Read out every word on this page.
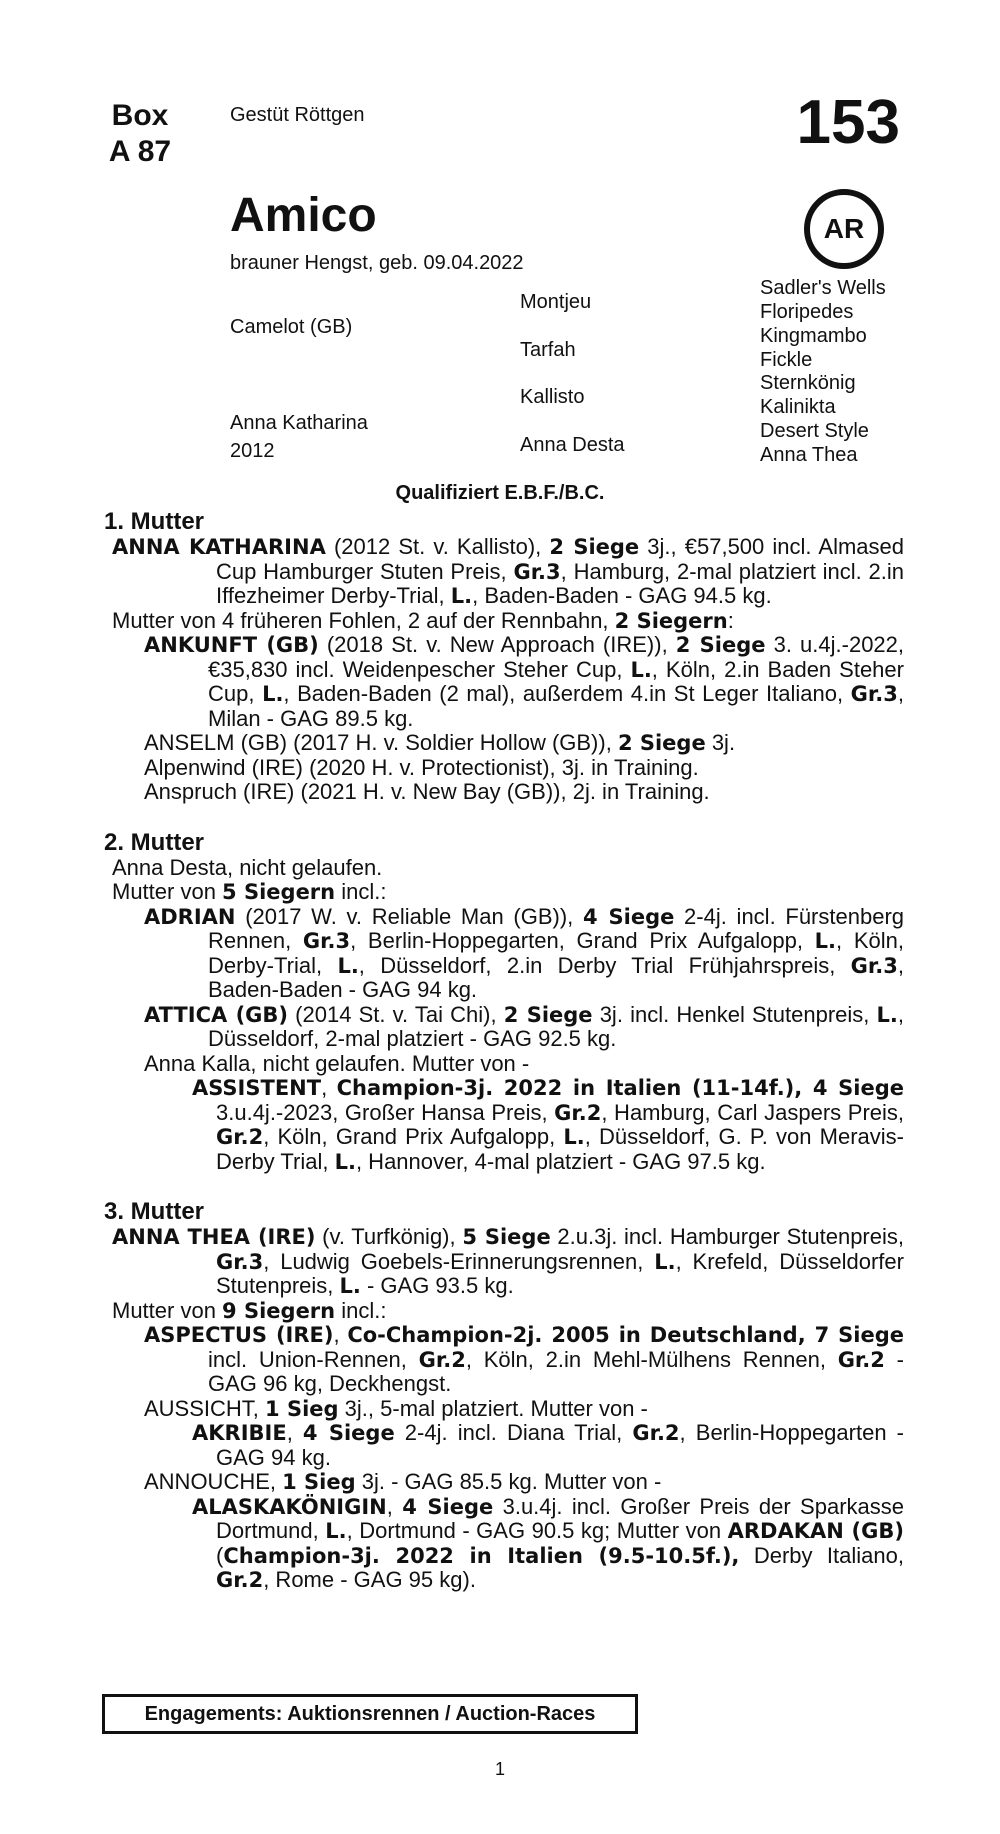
Box
A 87
Gestüt Röttgen	153
AR
Amico
brauner Hengst, geb. 09.04.2022
Camelot (GB)
Anna Katharina
2012
Montjeu
Tarfah
Kallisto
Anna Desta
Sadler's Wells
Floripedes
Kingmambo
Fickle
Sternkönig
Kalinikta
Desert Style
Anna Thea
Qualifiziert E.B.F./B.C.
1. Mutter
ANNA KATHARINA (2012 St. v. Kallisto), 2 Siege 3j., €57,500 incl. Almased Cup Hamburger Stuten Preis, Gr.3, Hamburg, 2-mal platziert incl. 2.in Iffezheimer Derby-Trial, L., Baden-Baden - GAG 94.5 kg.
Mutter von 4 früheren Fohlen, 2 auf der Rennbahn, 2 Siegern:
ANKUNFT (GB) (2018 St. v. New Approach (IRE)), 2 Siege 3. u.4j.-2022, €35,830 incl. Weidenpescher Steher Cup, L., Köln, 2.in Baden Steher Cup, L., Baden-Baden (2 mal), außerdem 4.in St Leger Italiano, Gr.3, Milan - GAG 89.5 kg.
ANSELM (GB) (2017 H. v. Soldier Hollow (GB)), 2 Siege 3j.
Alpenwind (IRE) (2020 H. v. Protectionist), 3j. in Training.
Anspruch (IRE) (2021 H. v. New Bay (GB)), 2j. in Training.
2. Mutter
Anna Desta, nicht gelaufen.
Mutter von 5 Siegern incl.:
ADRIAN (2017 W. v. Reliable Man (GB)), 4 Siege 2-4j. incl. Fürstenberg Rennen, Gr.3, Berlin-Hoppegarten, Grand Prix Aufgalopp, L., Köln, Derby-Trial, L., Düsseldorf, 2.in Derby Trial Frühjahrspreis, Gr.3, Baden-Baden - GAG 94 kg.
ATTICA (GB) (2014 St. v. Tai Chi), 2 Siege 3j. incl. Henkel Stutenpreis, L., Düsseldorf, 2-mal platziert - GAG 92.5 kg.
Anna Kalla, nicht gelaufen. Mutter von -
ASSISTENT, Champion-3j. 2022 in Italien (11-14f.), 4 Siege 3.u.4j.-2023, Großer Hansa Preis, Gr.2, Hamburg, Carl Jaspers Preis, Gr.2, Köln, Grand Prix Aufgalopp, L., Düsseldorf, G. P. von Meravis-Derby Trial, L., Hannover, 4-mal platziert - GAG 97.5 kg.
3. Mutter
ANNA THEA (IRE) (v. Turfkönig), 5 Siege 2.u.3j. incl. Hamburger Stutenpreis, Gr.3, Ludwig Goebels-Erinnerungsrennen, L., Krefeld, Düsseldorfer Stutenpreis, L. - GAG 93.5 kg.
Mutter von 9 Siegern incl.:
ASPECTUS (IRE), Co-Champion-2j. 2005 in Deutschland, 7 Siege incl. Union-Rennen, Gr.2, Köln, 2.in Mehl-Mülhens Rennen, Gr.2 - GAG 96 kg, Deckhengst.
AUSSICHT, 1 Sieg 3j., 5-mal platziert. Mutter von -
AKRIBIE, 4 Siege 2-4j. incl. Diana Trial, Gr.2, Berlin-Hoppegarten - GAG 94 kg.
ANNOUCHE, 1 Sieg 3j. - GAG 85.5 kg. Mutter von -
ALASKAKÖNIGIN, 4 Siege 3.u.4j. incl. Großer Preis der Sparkasse Dortmund, L., Dortmund - GAG 90.5 kg; Mutter von ARDAKAN (GB) (Champion-3j. 2022 in Italien (9.5-10.5f.), Derby Italiano, Gr.2, Rome - GAG 95 kg).
Engagements: Auktionsrennen / Auction-Races
1
